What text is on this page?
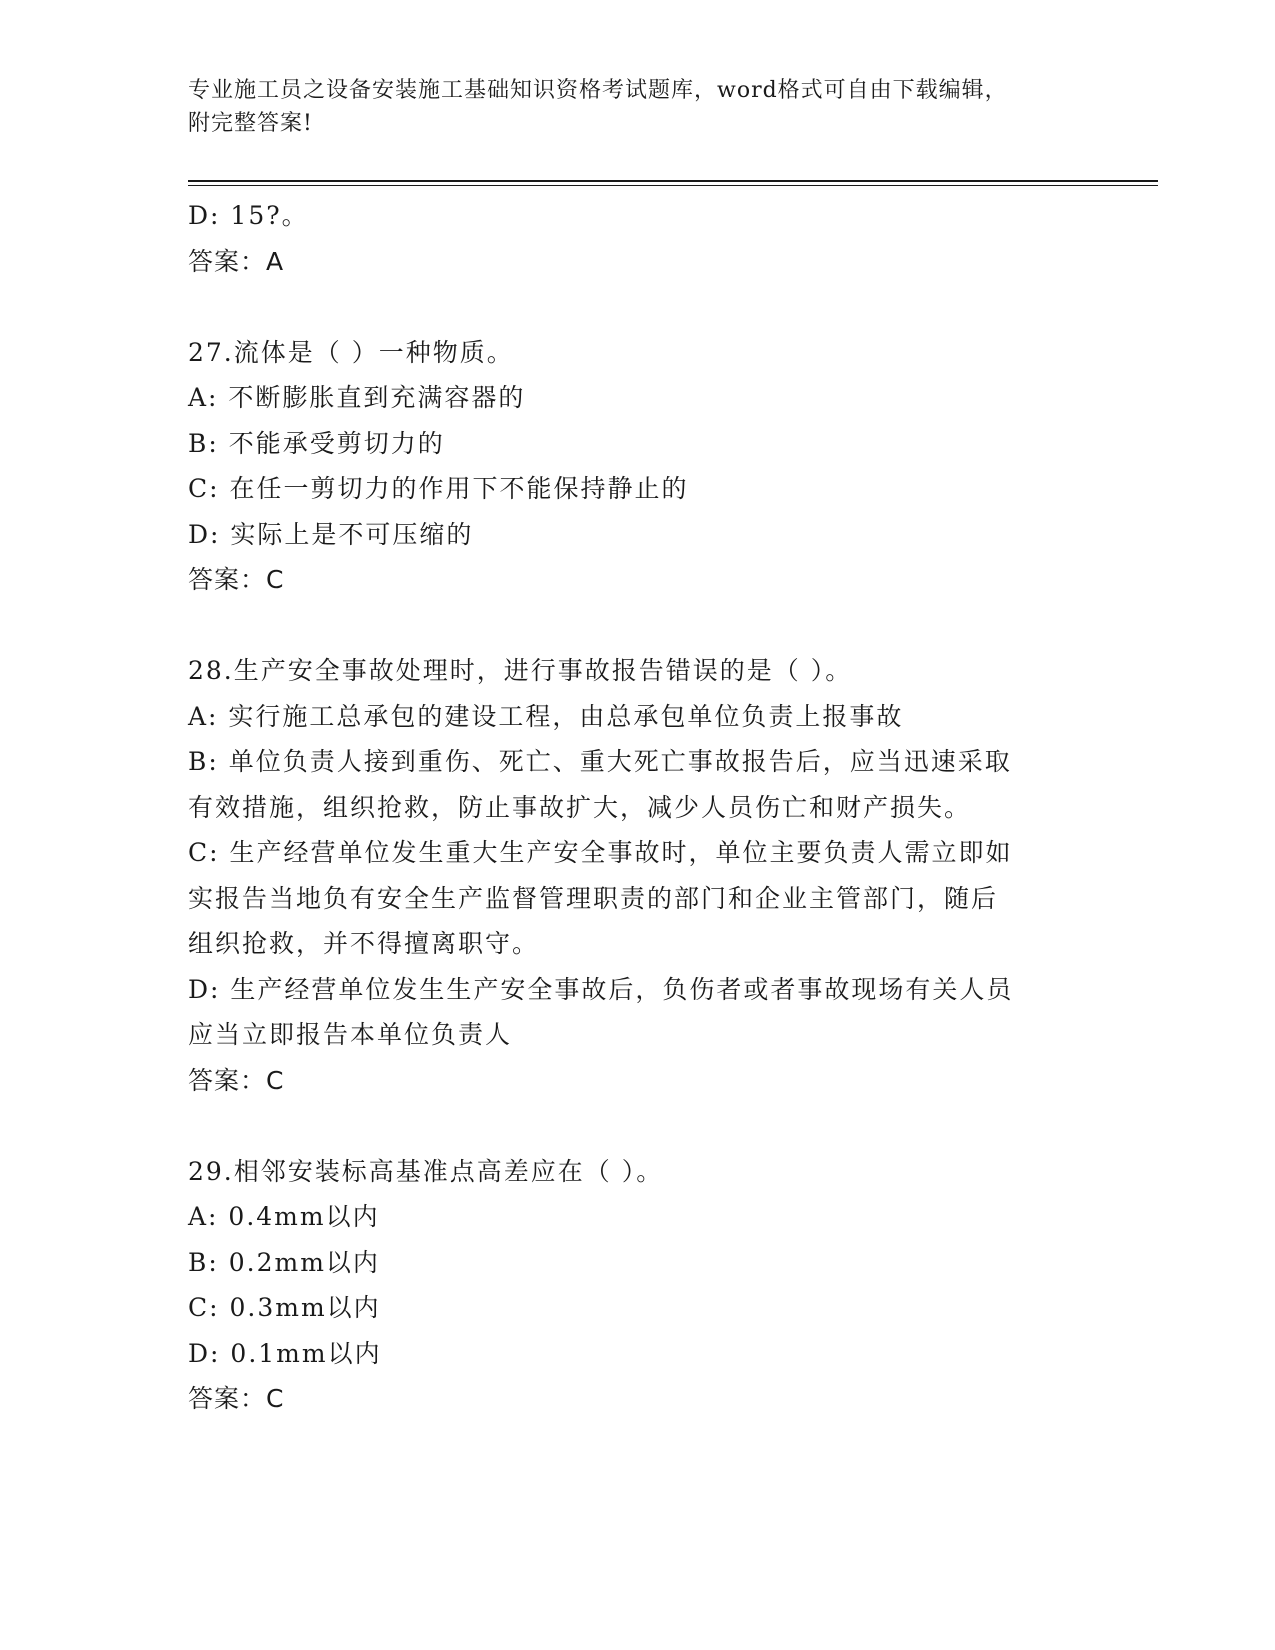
专业施工员之设备安装施工基础知识资格考试题库，word格式可自由下载编辑，
附完整答案!
D: 15?。
答案：A
27.流体是（ ）一种物质。
A: 不断膨胀直到充满容器的
B: 不能承受剪切力的
C: 在任一剪切力的作用下不能保持静止的
D: 实际上是不可压缩的
答案：C
28.生产安全事故处理时，进行事故报告错误的是（ ）。
A: 实行施工总承包的建设工程，由总承包单位负责上报事故
B: 单位负责人接到重伤、死亡、重大死亡事故报告后，应当迅速采取
有效措施，组织抢救，防止事故扩大，减少人员伤亡和财产损失。
C: 生产经营单位发生重大生产安全事故时，单位主要负责人需立即如
实报告当地负有安全生产监督管理职责的部门和企业主管部门，随后
组织抢救，并不得擅离职守。
D: 生产经营单位发生生产安全事故后，负伤者或者事故现场有关人员
应当立即报告本单位负责人
答案：C
29.相邻安装标高基准点高差应在（ ）。
A: 0.4mm以内
B: 0.2mm以内
C: 0.3mm以内
D: 0.1mm以内
答案：C
